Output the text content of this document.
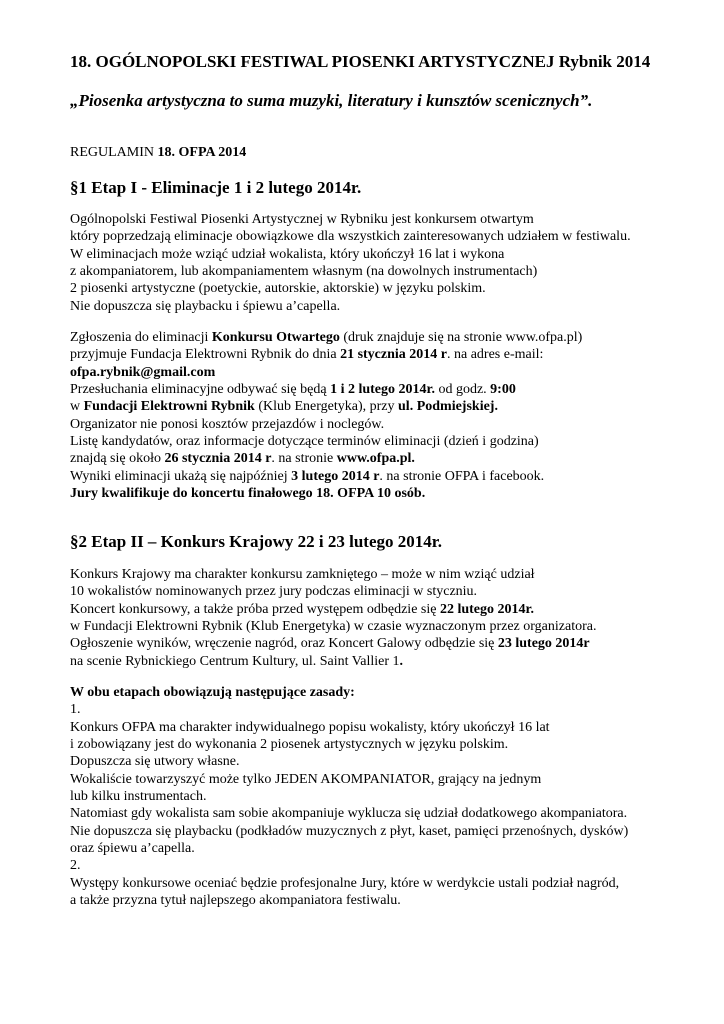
18. OGÓLNOPOLSKI FESTIWAL PIOSENKI ARTYSTYCZNEJ Rybnik 2014

„Piosenka artystyczna to suma muzyki, literatury i kunsztów scenicznych”.

REGULAMIN 18. OFPA 2014

§1 Etap I - Eliminacje 1 i 2 lutego 2014r.
Ogólnopolski Festiwal Piosenki Artystycznej w Rybniku jest konkursem otwartym
który poprzedzają eliminacje obowiązkowe dla wszystkich zainteresowanych udziałem w festiwalu.
W eliminacjach może wziąć udział wokalista, który ukończył 16 lat i wykona
z akompaniatorem, lub akompaniamentem własnym (na dowolnych instrumentach)
2 piosenki artystyczne (poetyckie, autorskie, aktorskie) w języku polskim.
Nie dopuszcza się playbacku i śpiewu a’capella.
Zgłoszenia do eliminacji Konkursu Otwartego (druk znajduje się na stronie www.ofpa.pl)
przyjmuje Fundacja Elektrowni Rybnik do dnia 21 stycznia 2014 r. na adres e-mail:
ofpa.rybnik@gmail.com
Przesłuchania eliminacyjne odbywać się będą 1 i 2 lutego 2014r. od godz. 9:00
w Fundacji Elektrowni Rybnik (Klub Energetyka), przy ul. Podmiejskiej.
Organizator nie ponosi kosztów przejazdów i noclegów.
Listę kandydatów, oraz informacje dotyczące terminów eliminacji (dzień i godzina)
znajdą się około 26 stycznia 2014 r. na stronie www.ofpa.pl.
Wyniki eliminacji ukażą się najpóźniej 3 lutego 2014 r. na stronie OFPA i facebook.
Jury kwalifikuje do koncertu finałowego 18. OFPA 10 osób.
§2 Etap II – Konkurs Krajowy 22 i 23 lutego 2014r.
Konkurs Krajowy ma charakter konkursu zamkniętego – może w nim wziąć udział
10 wokalistów nominowanych przez jury podczas eliminacji w styczniu.
Koncert konkursowy, a także próba przed występem odbędzie się 22 lutego 2014r.
w Fundacji Elektrowni Rybnik (Klub Energetyka) w czasie wyznaczonym przez organizatora.
Ogłoszenie wyników, wręczenie nagród, oraz Koncert Galowy odbędzie się 23 lutego 2014r
na scenie Rybnickiego Centrum Kultury, ul. Saint Vallier 1.
W obu etapach obowiązują następujące zasady:
1.
Konkurs OFPA ma charakter indywidualnego popisu wokalisty, który ukończył 16 lat
i zobowiązany jest do wykonania 2 piosenek artystycznych w języku polskim.
Dopuszcza się utwory własne.
Wokaliście towarzyszyć może tylko JEDEN AKOMPANIATOR, grający na jednym
lub kilku instrumentach.
Natomiast gdy wokalista sam sobie akompaniuje wyklucza się udział dodatkowego akompaniatora.
Nie dopuszcza się playbacku (podkładów muzycznych z płyt, kaset, pamięci przenośnych, dysków)
oraz śpiewu a’capella.
2.
Występy konkursowe oceniać będzie profesjonalne Jury, które w werdykcie ustali podział nagród,
a także przyzna tytuł najlepszego akompaniatora festiwalu.
